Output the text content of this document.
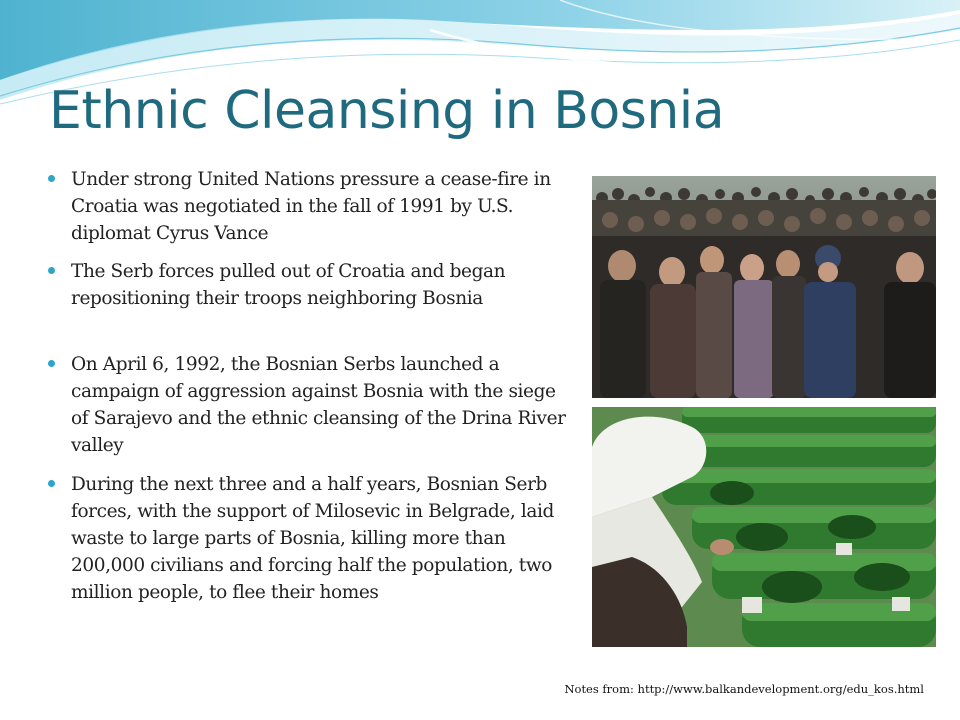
Ethnic Cleansing in Bosnia
Under strong United Nations pressure a cease-fire in Croatia was negotiated in the fall of 1991 by U.S. diplomat Cyrus Vance
The Serb forces pulled out of Croatia and began repositioning their troops neighboring Bosnia
On April 6, 1992, the Bosnian Serbs launched a campaign of aggression against Bosnia with the siege of Sarajevo and the ethnic cleansing of the Drina River valley
During the next three and a half years, Bosnian Serb forces, with the support of Milosevic in Belgrade, laid waste to large parts of Bosnia, killing more than 200,000 civilians and forcing half the population, two million people, to flee their homes
Notes from: http://www.balkandevelopment.org/edu_kos.html
